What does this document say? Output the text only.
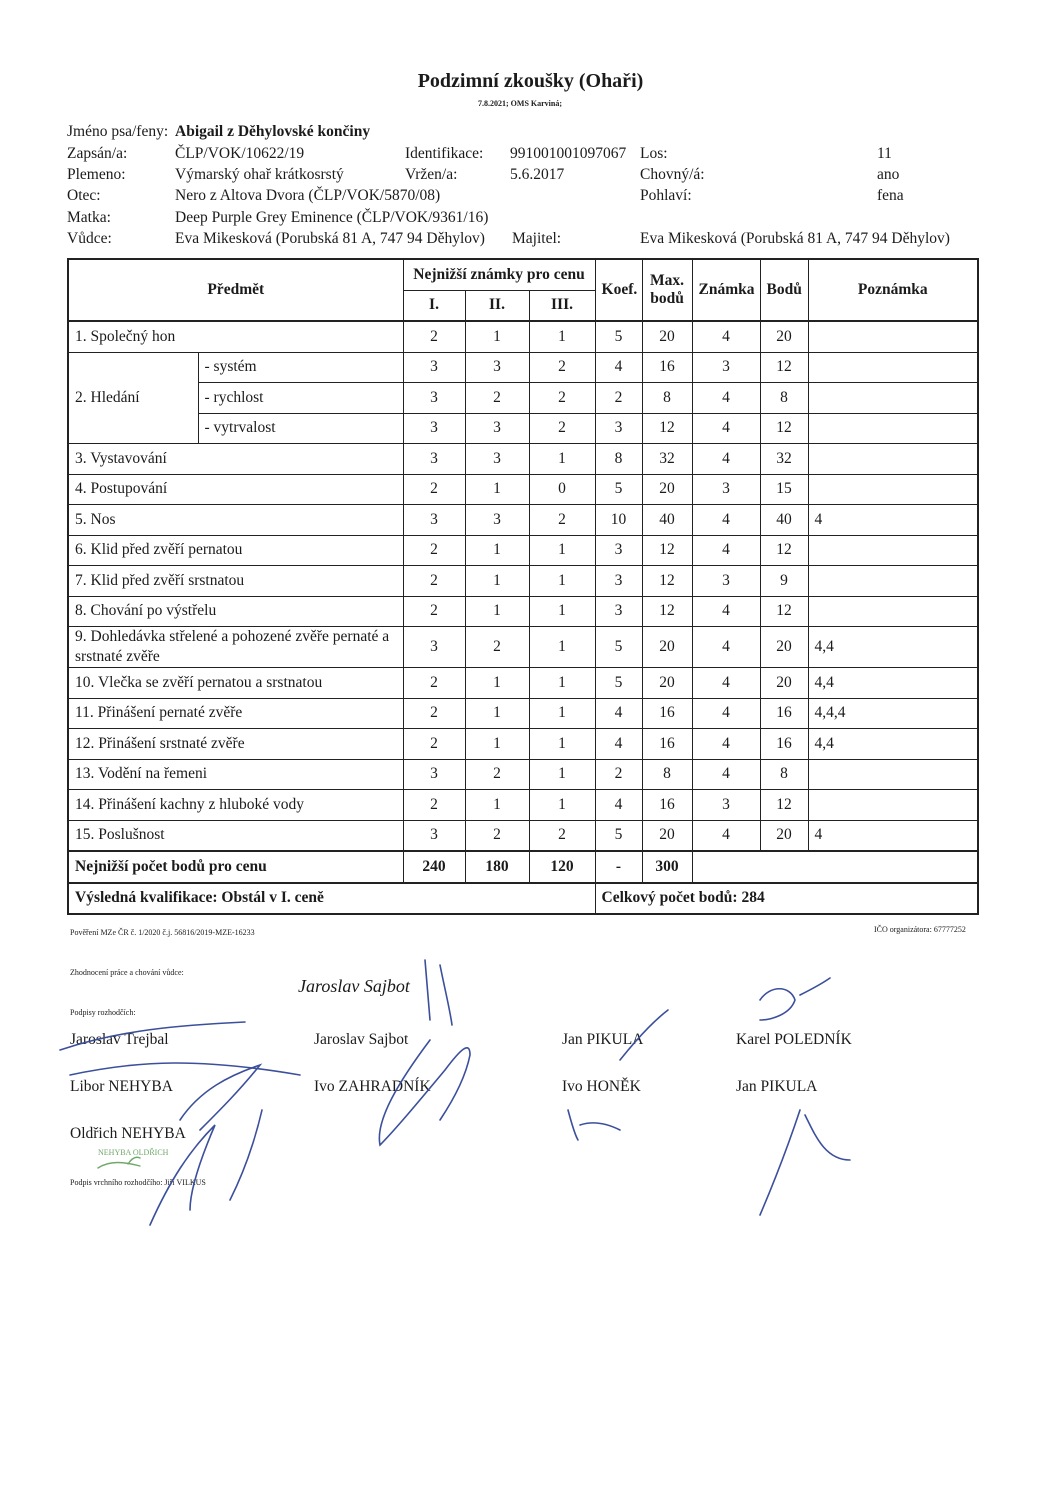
Podzimní zkoušky (Ohaři)
7.8.2021; OMS Karviná;
Jméno psa/feny: Abigail z Děhylovské končiny
Zapsán/a:	ČLP/VOK/10622/19	Identifikace: 991001001097067 Los:	11
Plemeno:	Výmarský ohař krátkosrstý	Vržen/a:	5.6.2017	Chovný/á:	ano
Otec:	Nero z Altova Dvora (ČLP/VOK/5870/08)	Pohlaví:	fena
Matka:	Deep Purple Grey Eminence (ČLP/VOK/9361/16)
Vůdce:	Eva Mikesková (Porubská 81 A, 747 94 Děhylov) Majitel:	Eva Mikesková (Porubská 81 A, 747 94 Děhylov)
Předmět		Nejnižší známky pro cenu			Koef.	Max. bodů	Známka	Bodů	Poznámka
		I.	II.	III.					
1. Společný hon		2	1	1	5	20	4	20	
2. Hledání	- systém	3	3	2	4	16	3	12	
	- rychlost	3	2	2	2	8	4	8	
	- vytrvalost	3	3	2	3	12	4	12	
3. Vystavování		3	3	1	8	32	4	32	
4. Postupování		2	1	0	5	20	3	15	
5. Nos		3	3	2	10	40	4	40	4
6. Klid před zvěří pernatou		2	1	1	3	12	4	12	
7. Klid před zvěří srstnatou		2	1	1	3	12	3	9	
8. Chování po výstřelu		2	1	1	3	12	4	12	
9. Dohledávka střelené a pohozené zvěře pernaté a srstnaté zvěře		3	2	1	5	20	4	20	4,4
10. Vlečka se zvěří pernatou a srstnatou		2	1	1	5	20	4	20	4,4
11. Přinášení pernaté zvěře		2	1	1	4	16	4	16	4,4,4
12. Přinášení srstnaté zvěře		2	1	1	4	16	4	16	4,4
13. Vodění na řemeni		3	2	1	2	8	4	8	
14. Přinášení kachny z hluboké vody		2	1	1	4	16	3	12	
15. Poslušnost		3	2	2	5	20	4	20	4
Nejnižší počet bodů pro cenu		240	180	120	-	300			
Výsledná kvalifikace: Obstál v I. ceně					Celkový počet bodů: 284				
Pověření MZe ČR č. 1/2020 č.j. 56816/2019-MZE-16233	IČO organizátora: 67777252
Zhodnocení práce a chování vůdce:
Podpisy rozhodčích:
Jaroslav Sajbot
Jaroslav Trejbal	Jaroslav Sajbot	Jan PIKULA	Karel POLEDNÍK
Libor NEHYBA	Ivo ZAHRADNÍK	Ivo HONĚK	Jan PIKULA
Oldřich NEHYBA
NEHYBA OLDŘICH
Podpis vrchního rozhodčího: Jiří VILKUS
